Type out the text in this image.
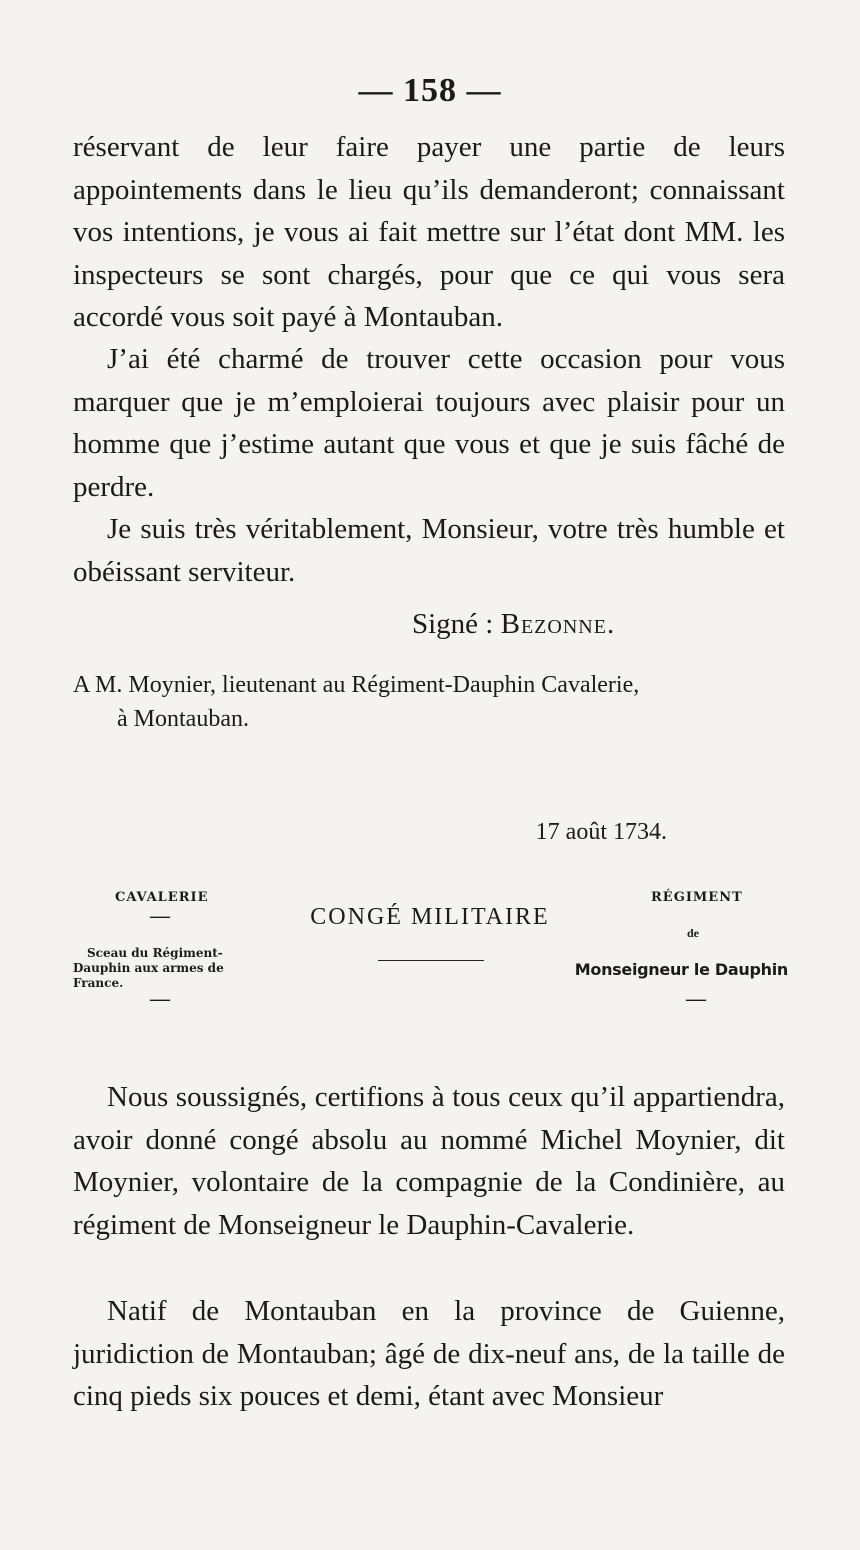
— 158 —

réservant de leur faire payer une partie de leurs appointements dans le lieu qu’ils demanderont; connaissant vos intentions, je vous ai fait mettre sur l’état dont MM. les inspecteurs se sont chargés, pour que ce qui vous sera accordé vous soit payé à Montauban.

J’ai été charmé de trouver cette occasion pour vous marquer que je m’emploierai toujours avec plaisir pour un homme que j’estime autant que vous et que je suis fâché de perdre.

Je suis très véritablement, Monsieur, votre très humble et obéissant serviteur.

Signé : Bezonne.

A M. Moynier, lieutenant au Régiment-Dauphin Cavalerie,
à Montauban.

17 août 1734.
CAVALERIE	RÉGIMENT
—	CONGÉ MILITAIRE
de
Sceau du Régiment-
Dauphin aux armes de
France.
Monseigneur le Dauphin
—	—

Nous soussignés, certifions à tous ceux qu’il appartiendra, avoir donné congé absolu au nommé Michel Moynier, dit Moynier, volontaire de la compagnie de la Condinière, au régiment de Monseigneur le Dauphin-Cavalerie.

Natif de Montauban en la province de Guienne, juridiction de Montauban; âgé de dix-neuf ans, de la taille de cinq pieds six pouces et demi, étant avec Monsieur
